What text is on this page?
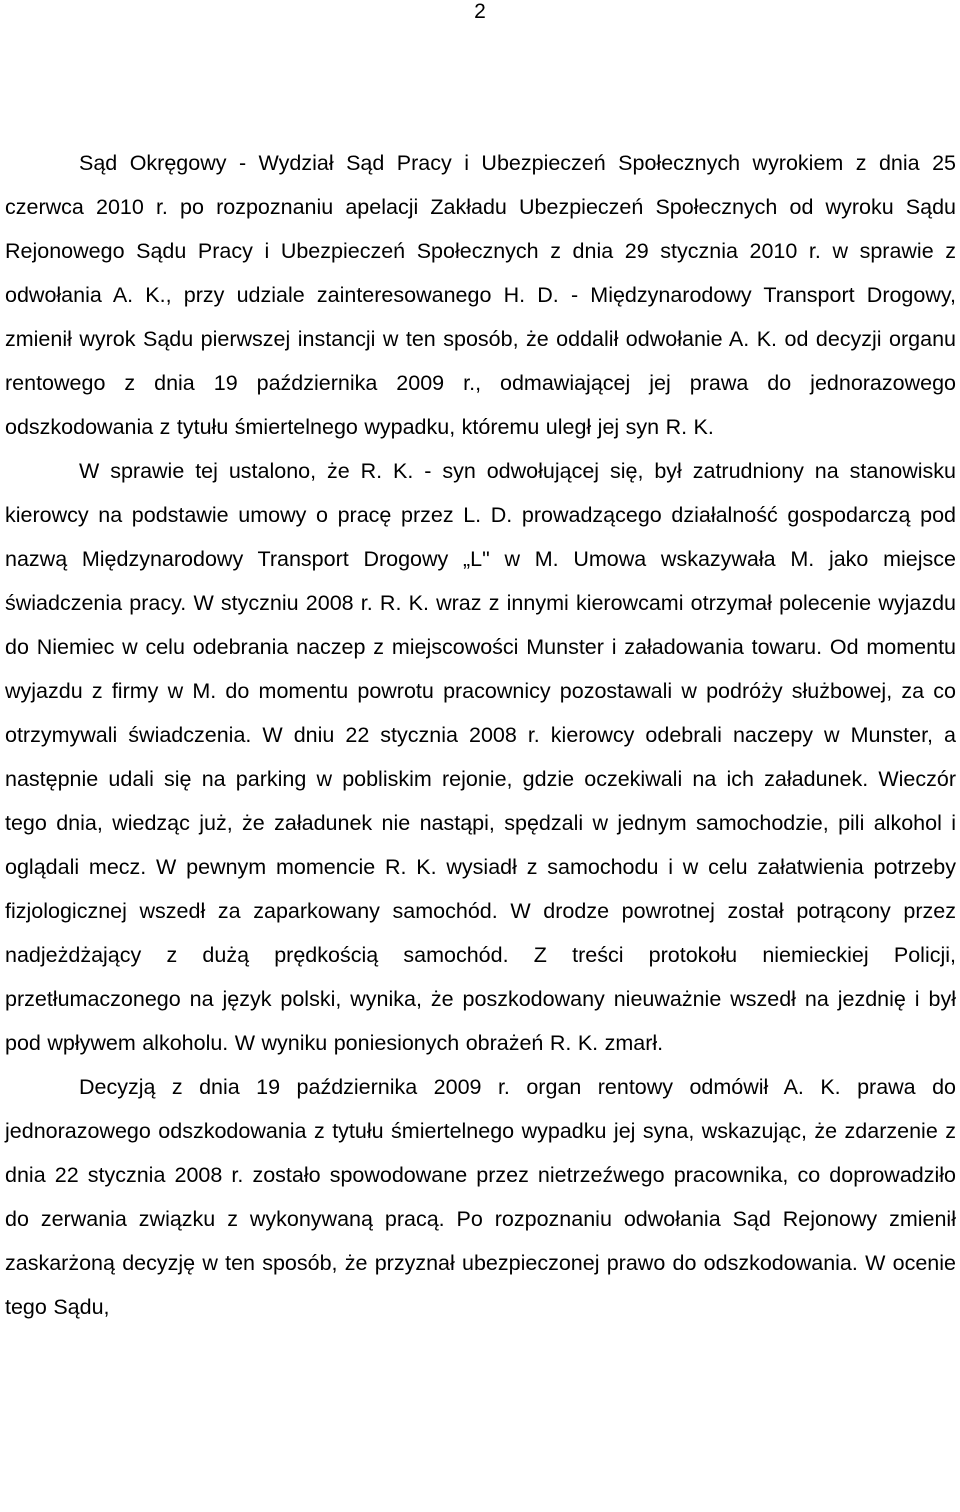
2

Sąd Okręgowy - Wydział Sąd Pracy i Ubezpieczeń Społecznych wyrokiem z dnia 25 czerwca 2010 r. po rozpoznaniu apelacji Zakładu Ubezpieczeń Społecznych od wyroku Sądu Rejonowego Sądu Pracy i Ubezpieczeń Społecznych z dnia 29 stycznia 2010 r. w sprawie z odwołania A. K., przy udziale zainteresowanego H. D. - Międzynarodowy Transport Drogowy, zmienił wyrok Sądu pierwszej instancji w ten sposób, że oddalił odwołanie A. K. od decyzji organu rentowego z dnia 19 października 2009 r., odmawiającej jej prawa do jednorazowego odszkodowania z tytułu śmiertelnego wypadku, któremu uległ jej syn R. K.

W sprawie tej ustalono, że R. K. - syn odwołującej się, był zatrudniony na stanowisku kierowcy na podstawie umowy o pracę przez L. D. prowadzącego działalność gospodarczą pod nazwą Międzynarodowy Transport Drogowy „L" w M. Umowa wskazywała M. jako miejsce świadczenia pracy. W styczniu 2008 r. R. K. wraz z innymi kierowcami otrzymał polecenie wyjazdu do Niemiec w celu odebrania naczep z miejscowości Munster i załadowania towaru. Od momentu wyjazdu z firmy w M. do momentu powrotu pracownicy pozostawali w podróży służbowej, za co otrzymywali świadczenia. W dniu 22 stycznia 2008 r. kierowcy odebrali naczepy w Munster, a następnie udali się na parking w pobliskim rejonie, gdzie oczekiwali na ich załadunek. Wieczór tego dnia, wiedząc już, że załadunek nie nastąpi, spędzali w jednym samochodzie, pili alkohol i oglądali mecz. W pewnym momencie R. K. wysiadł z samochodu i w celu załatwienia potrzeby fizjologicznej wszedł za zaparkowany samochód. W drodze powrotnej został potrącony przez nadjeżdżający z dużą prędkością samochód. Z treści protokołu niemieckiej Policji, przetłumaczonego na język polski, wynika, że poszkodowany nieuważnie wszedł na jezdnię i był pod wpływem alkoholu. W wyniku poniesionych obrażeń R. K. zmarł.

Decyzją z dnia 19 października 2009 r. organ rentowy odmówił A. K. prawa do jednorazowego odszkodowania z tytułu śmiertelnego wypadku jej syna, wskazując, że zdarzenie z dnia 22 stycznia 2008 r. zostało spowodowane przez nietrzeźwego pracownika, co doprowadziło do zerwania związku z wykonywaną pracą. Po rozpoznaniu odwołania Sąd Rejonowy zmienił zaskarżoną decyzję w ten sposób, że przyznał ubezpieczonej prawo do odszkodowania. W ocenie tego Sądu,
